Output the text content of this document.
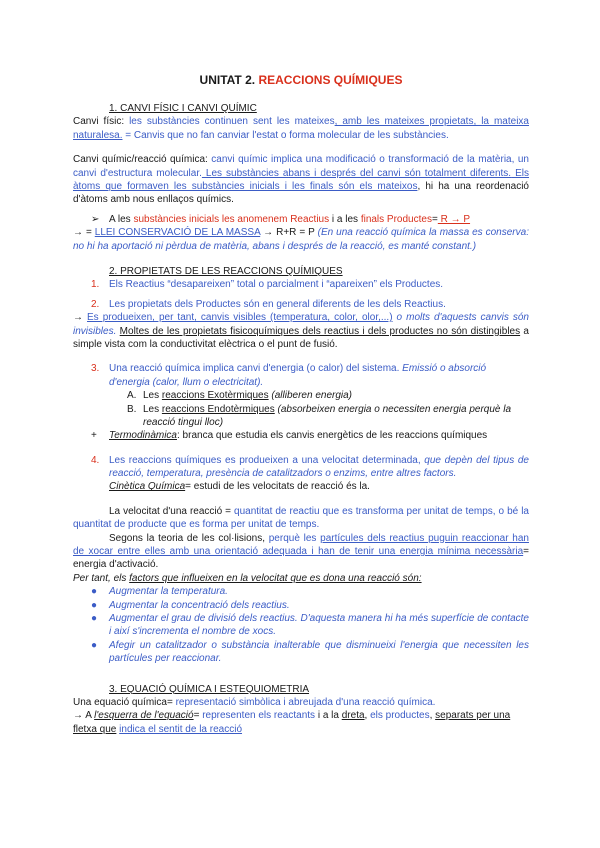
UNITAT 2. REACCIONS QUÍMIQUES

1. CANVI FÍSIC I CANVI QUÍMIC

Canvi físic: les substàncies continuen sent les mateixes, amb les mateixes propietats, la mateixa naturalesa. = Canvis que no fan canviar l'estat o forma molecular de les substàncies.

Canvi químic/reacció química: canvi químic implica una modificació o transformació de la matèria, un canvi d'estructura molecular. Les substàncies abans i després del canvi són totalment diferents. Els àtoms que formaven les substàncies inicials i les finals són els mateixos, hi ha una reordenació d'àtoms amb nous enllaços químics.

➢ A les substàncies inicials les anomenem Reactius i a les finals Productes= R → P

→ = LLEI CONSERVACIÓ DE LA MASSA → R+R = P (En una reacció química la massa es conserva: no hi ha aportació ni pèrdua de matèria, abans i després de la reacció, es manté constant.)

2. PROPIETATS DE LES REACCIONS QUÍMIQUES

1. Els Reactius “desapareixen” total o parcialment i “apareixen” els Productes.
2. Les propietats dels Productes són en general diferents de les dels Reactius.

→ Es produeixen, per tant, canvis visibles (temperatura, color, olor,...) o molts d'aquests canvis són invisibles. Moltes de les propietats fisicoquímiques dels reactius i dels productes no són distingibles a simple vista com la conductivitat elèctrica o el punt de fusió.

3. Una reacció química implica canvi d'energia (o calor) del sistema. Emissió o absorció d'energia (calor, llum o electricitat).
A. Les reaccions Exotèrmiques (alliberen energia)
B. Les reaccions Endotèrmiques (absorbeixen energia o necessiten energia perquè la reacció tingui lloc)
+	Termodinàmica: branca que estudia els canvis energètics de les reaccions químiques
4. Les reaccions químiques es produeixen a una velocitat determinada, que depèn del tipus de reacció, temperatura, presència de catalitzadors o enzims, entre altres factors.
Cinètica Química= estudi de les velocitats de reacció és la.

La velocitat d'una reacció = quantitat de reactiu que es transforma per unitat de temps, o bé la quantitat de producte que es forma per unitat de temps.

Segons la teoria de les col·lisions, perquè les partícules dels reactius puguin reaccionar han de xocar entre elles amb una orientació adequada i han de tenir una energia mínima necessària= energia d'activació.

Per tant, els factors que influeixen en la velocitat que es dona una reacció són:

●	Augmentar la temperatura.
●	Augmentar la concentració dels reactius.
●	Augmentar el grau de divisió dels reactius. D'aquesta manera hi ha més superfície de contacte i així s'incrementa el nombre de xocs.
●	Afegir un catalitzador o substància inalterable que disminueixi l'energia que necessiten les partícules per reaccionar.

3. EQUACIÓ QUÍMICA I ESTEQUIOMETRIA

Una equació química= representació simbòlica i abreujada d'una reacció química.

→ A l'esquerra de l'equació= representen els reactants i a la dreta, els productes, separats per una fletxa que indica el sentit de la reacció
